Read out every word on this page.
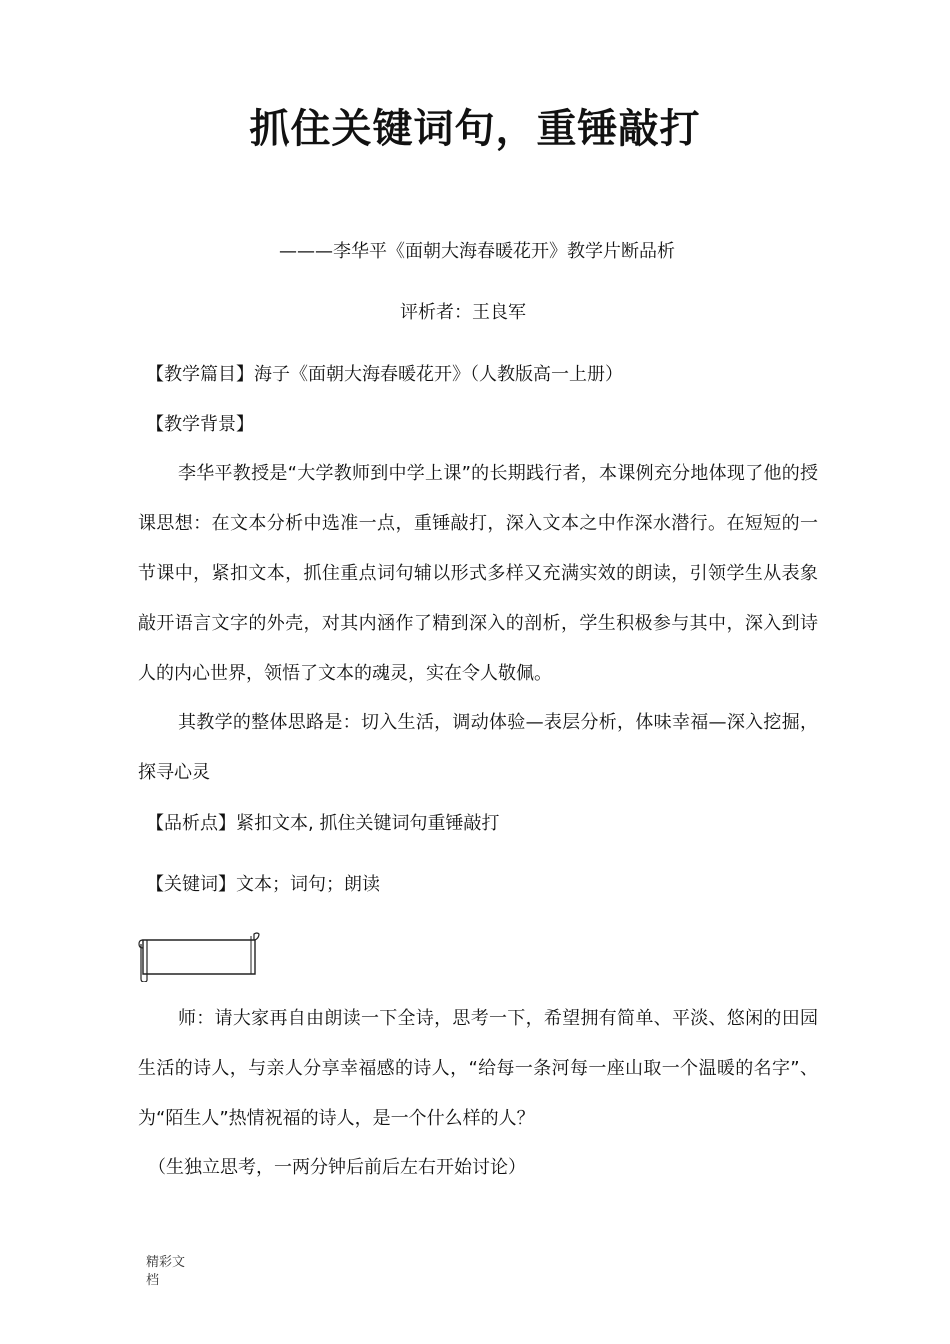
抓住关键词句，重锤敲打
———李华平《面朝大海春暖花开》教学片断品析
评析者：王良军
【教学篇目】海子《面朝大海春暖花开》（人教版高一上册）
【教学背景】
李华平教授是“大学教师到中学上课”的长期践行者，本课例充分地体现了他的授课思想：在文本分析中选准一点，重锤敲打，深入文本之中作深水潜行。在短短的一节课中，紧扣文本，抓住重点词句辅以形式多样又充满实效的朗读，引领学生从表象敲开语言文字的外壳，对其内涵作了精到深入的剖析，学生积极参与其中，深入到诗人的内心世界，领悟了文本的魂灵，实在令人敬佩。
其教学的整体思路是：切入生活，调动体验—表层分析，体味幸福—深入挖掘，探寻心灵
【品析点】紧扣文本, 抓住关键词句重锤敲打
【关键词】文本；词句；朗读
师：请大家再自由朗读一下全诗，思考一下，希望拥有简单、平淡、悠闲的田园生活的诗人，与亲人分享幸福感的诗人，“给每一条河每一座山取一个温暖的名字”、为“陌生人”热情祝福的诗人，是一个什么样的人？
（生独立思考，一两分钟后前后左右开始讨论）
精彩文档
